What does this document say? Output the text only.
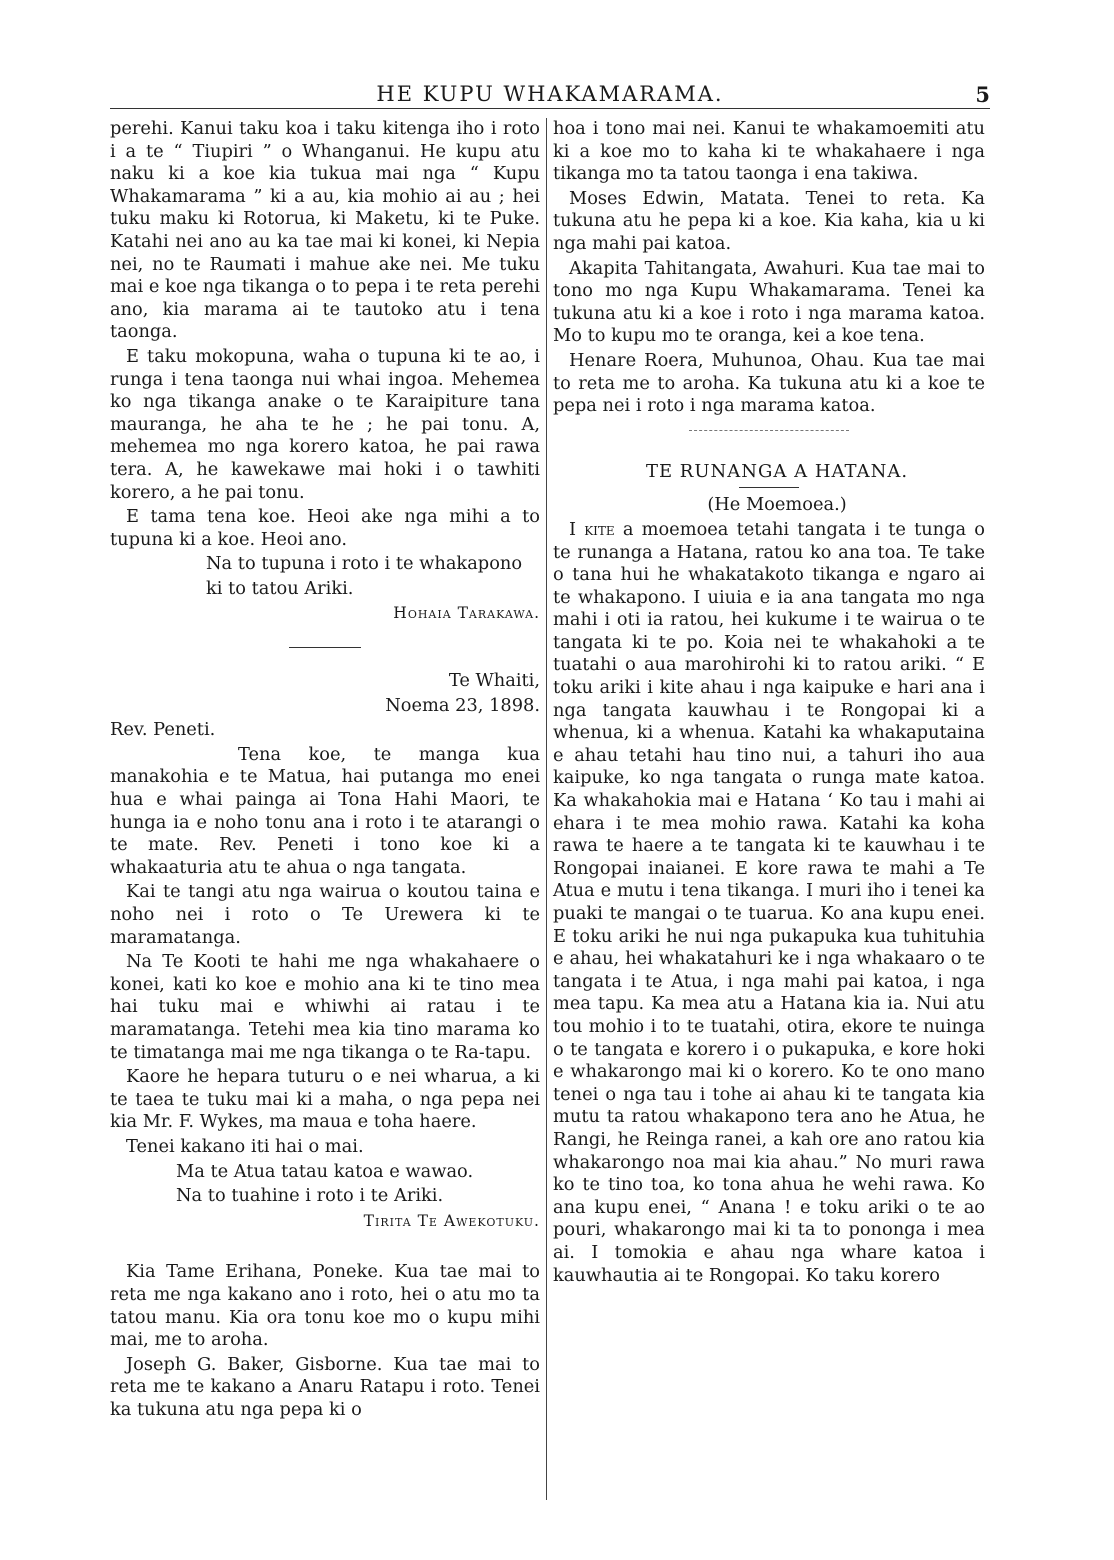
HE KUPU WHAKAMARAMA.	5

perehi. Kanui taku koa i taku kitenga iho i roto i a te “ Tiupiri ” o Whanganui. He kupu atu naku ki a koe kia tukua mai nga “ Kupu Whakamarama ” ki a au, kia mohio ai au ; hei tuku maku ki Rotorua, ki Maketu, ki te Puke. Katahi nei ano au ka tae mai ki konei, ki Nepia nei, no te Raumati i mahue ake nei. Me tuku mai e koe nga tikanga o to pepa i te reta perehi ano, kia marama ai te tautoko atu i tena taonga.

E taku mokopuna, waha o tupuna ki te ao, i runga i tena taonga nui whai ingoa. Mehemea ko nga tikanga anake o te Karaipiture tana mauranga, he aha te he ; he pai tonu. A, mehemea mo nga korero katoa, he pai rawa tera. A, he kawekawe mai hoki i o tawhiti korero, a he pai tonu.

E tama tena koe. Heoi ake nga mihi a to tupuna ki a koe. Heoi ano.

Na to tupuna i roto i te whakapono

ki to tatou Ariki.

Hohaia Tarakawa.

Te Whaiti,

Noema 23, 1898.

Rev. Peneti.

Tena koe, te manga kua manakohia e te Matua, hai putanga mo enei hua e whai painga ai Tona Hahi Maori, te hunga ia e noho tonu ana i roto i te atarangi o te mate. Rev. Peneti i tono koe ki a whakaaturia atu te ahua o nga tangata.

Kai te tangi atu nga wairua o koutou taina e noho nei i roto o Te Urewera ki te maramatanga.

Na Te Kooti te hahi me nga whakahaere o konei, kati ko koe e mohio ana ki te tino mea hai tuku mai e whiwhi ai ratau i te maramatanga. Tetehi mea kia tino marama ko te timatanga mai me nga tikanga o te Ra-tapu.

Kaore he hepara tuturu o e nei wharua, a ki te taea te tuku mai ki a maha, o nga pepa nei kia Mr. F. Wykes, ma maua e toha haere.

Tenei kakano iti hai o mai.

Ma te Atua tatau katoa e wawao.

Na to tuahine i roto i te Ariki.

Tirita Te Awekotuku.

Kia Tame Erihana, Poneke. Kua tae mai to reta me nga kakano ano i roto, hei o atu mo ta tatou manu. Kia ora tonu koe mo o kupu mihi mai, me to aroha.

Joseph G. Baker, Gisborne. Kua tae mai to reta me te kakano a Anaru Ratapu i roto. Tenei ka tukuna atu nga pepa ki o

hoa i tono mai nei. Kanui te whakamoemiti atu ki a koe mo to kaha ki te whakahaere i nga tikanga mo ta tatou taonga i ena takiwa.

Moses Edwin, Matata. Tenei to reta. Ka tukuna atu he pepa ki a koe. Kia kaha, kia u ki nga mahi pai katoa.

Akapita Tahitangata, Awahuri. Kua tae mai to tono mo nga Kupu Whakamarama. Tenei ka tukuna atu ki a koe i roto i nga marama katoa. Mo to kupu mo te oranga, kei a koe tena.

Henare Roera, Muhunoa, Ohau. Kua tae mai to reta me to aroha. Ka tukuna atu ki a koe te pepa nei i roto i nga marama katoa.

TE RUNANGA A HATANA.

(He Moemoea.)

I kite a moemoea tetahi tangata i te tunga o te runanga a Hatana, ratou ko ana toa. Te take o tana hui he whakatakoto tikanga e ngaro ai te whakapono. I uiuia e ia ana tangata mo nga mahi i oti ia ratou, hei kukume i te wairua o te tangata ki te po. Koia nei te whakahoki a te tuatahi o aua marohirohi ki to ratou ariki. “ E toku ariki i kite ahau i nga kaipuke e hari ana i nga tangata kauwhau i te Rongopai ki a whenua, ki a whenua. Katahi ka whakaputaina e ahau tetahi hau tino nui, a tahuri iho aua kaipuke, ko nga tangata o runga mate katoa. Ka whakahokia mai e Hatana ‘ Ko tau i mahi ai ehara i te mea mohio rawa. Katahi ka koha rawa te haere a te tangata ki te kauwhau i te Rongopai inaianei. E kore rawa te mahi a Te Atua e mutu i tena tikanga. I muri iho i tenei ka puaki te mangai o te tuarua. Ko ana kupu enei. E toku ariki he nui nga pukapuka kua tuhituhia e ahau, hei whakatahuri ke i nga whakaaro o te tangata i te Atua, i nga mahi pai katoa, i nga mea tapu. Ka mea atu a Hatana kia ia. Nui atu tou mohio i to te tuatahi, otira, ekore te nuinga o te tangata e korero i o pukapuka, e kore hoki e whakarongo mai ki o korero. Ko te ono mano tenei o nga tau i tohe ai ahau ki te tangata kia mutu ta ratou whakapono tera ano he Atua, he Rangi, he Reinga ranei, a kah ore ano ratou kia whakarongo noa mai kia ahau.” No muri rawa ko te tino toa, ko tona ahua he wehi rawa. Ko ana kupu enei, “ Anana ! e toku ariki o te ao pouri, whakarongo mai ki ta to pononga i mea ai. I tomokia e ahau nga whare katoa i kauwhautia ai te Rongopai. Ko taku korero
